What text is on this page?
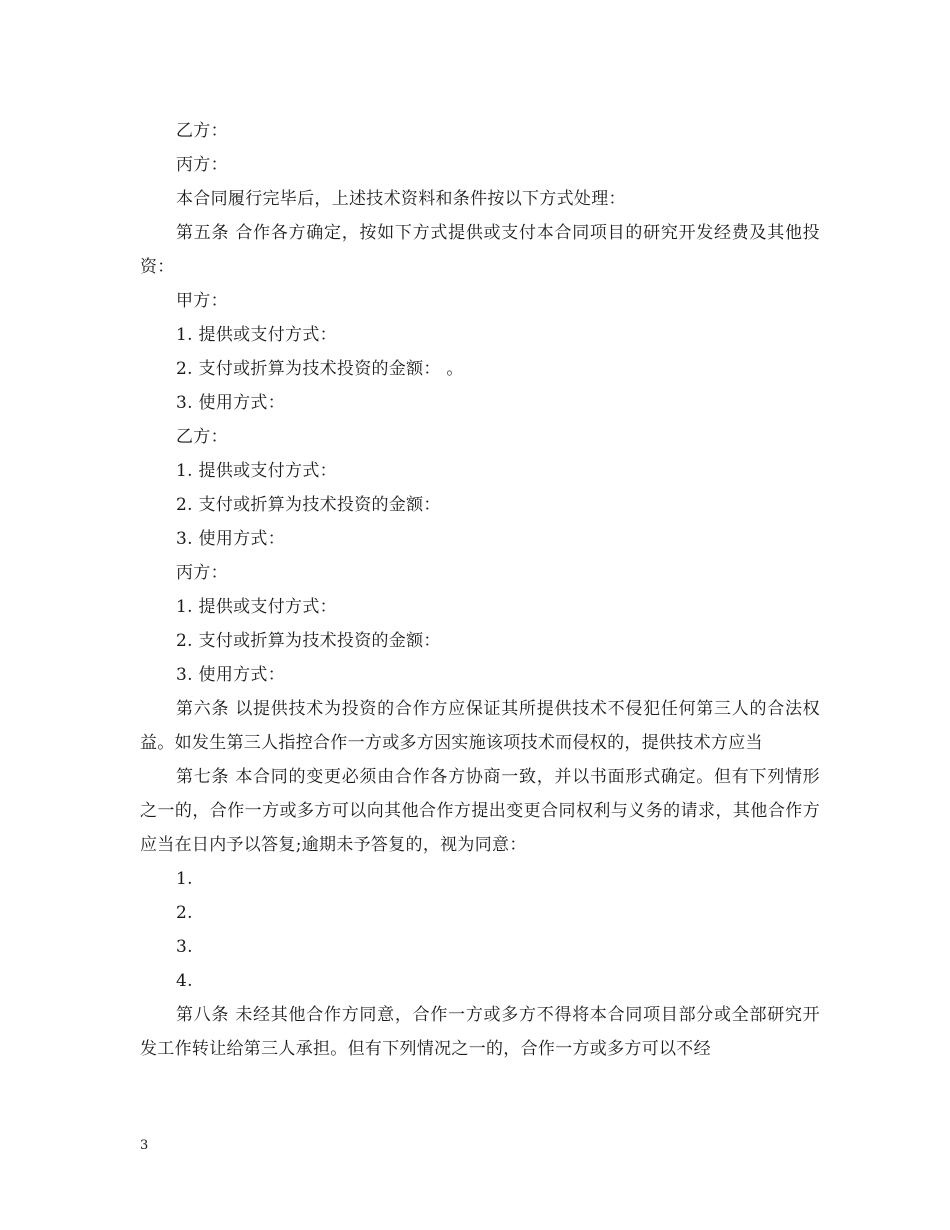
乙方：

丙方：

本合同履行完毕后，上述技术资料和条件按以下方式处理：

第五条 合作各方确定，按如下方式提供或支付本合同项目的研究开发经费及其他投资：

甲方：

1. 提供或支付方式：

2. 支付或折算为技术投资的金额： 。

3. 使用方式：

乙方：

1. 提供或支付方式：

2. 支付或折算为技术投资的金额：

3. 使用方式：

丙方：

1. 提供或支付方式：

2. 支付或折算为技术投资的金额：

3. 使用方式：

第六条 以提供技术为投资的合作方应保证其所提供技术不侵犯任何第三人的合法权益。如发生第三人指控合作一方或多方因实施该项技术而侵权的，提供技术方应当

第七条 本合同的变更必须由合作各方协商一致，并以书面形式确定。但有下列情形之一的，合作一方或多方可以向其他合作方提出变更合同权利与义务的请求，其他合作方应当在日内予以答复;逾期未予答复的，视为同意：

1.

2.

3.

4.

第八条 未经其他合作方同意，合作一方或多方不得将本合同项目部分或全部研究开发工作转让给第三人承担。但有下列情况之一的，合作一方或多方可以不经

3
